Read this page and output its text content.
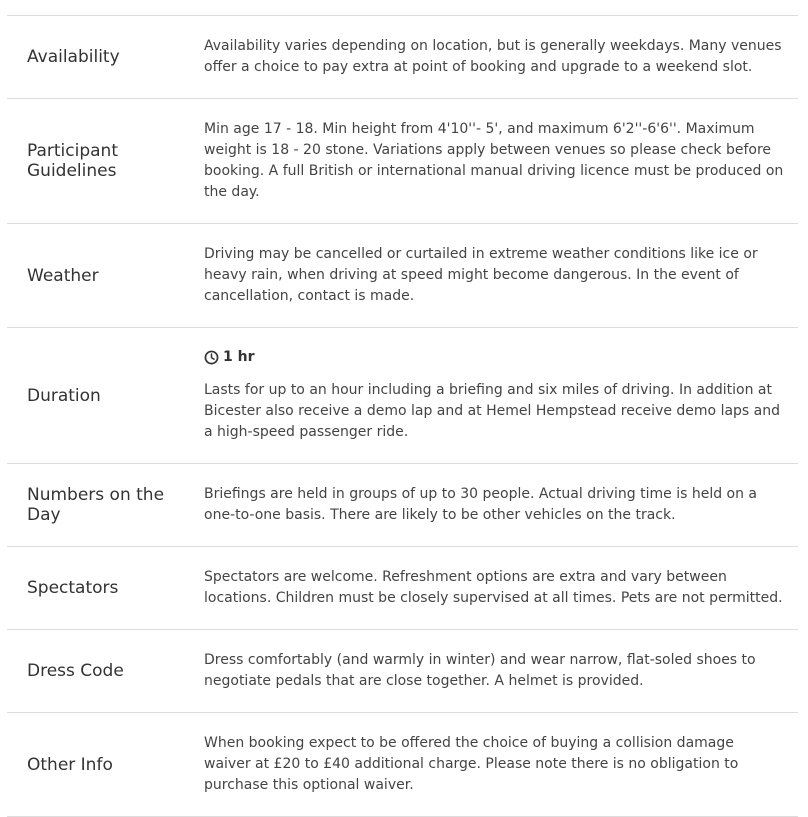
Availability
Availability varies depending on location, but is generally weekdays. Many venues offer a choice to pay extra at point of booking and upgrade to a weekend slot.
Participant Guidelines
Min age 17 - 18. Min height from 4'10''- 5', and maximum 6'2''-6'6''. Maximum weight is 18 - 20 stone. Variations apply between venues so please check before booking. A full British or international manual driving licence must be produced on the day.
Weather
Driving may be cancelled or curtailed in extreme weather conditions like ice or heavy rain, when driving at speed might become dangerous. In the event of cancellation, contact is made.
Duration
1 hr
Lasts for up to an hour including a briefing and six miles of driving. In addition at Bicester also receive a demo lap and at Hemel Hempstead receive demo laps and a high-speed passenger ride.
Numbers on the Day
Briefings are held in groups of up to 30 people. Actual driving time is held on a one-to-one basis. There are likely to be other vehicles on the track.
Spectators
Spectators are welcome. Refreshment options are extra and vary between locations. Children must be closely supervised at all times. Pets are not permitted.
Dress Code
Dress comfortably (and warmly in winter) and wear narrow, flat-soled shoes to negotiate pedals that are close together. A helmet is provided.
Other Info
When booking expect to be offered the choice of buying a collision damage waiver at £20 to £40 additional charge. Please note there is no obligation to purchase this optional waiver.
